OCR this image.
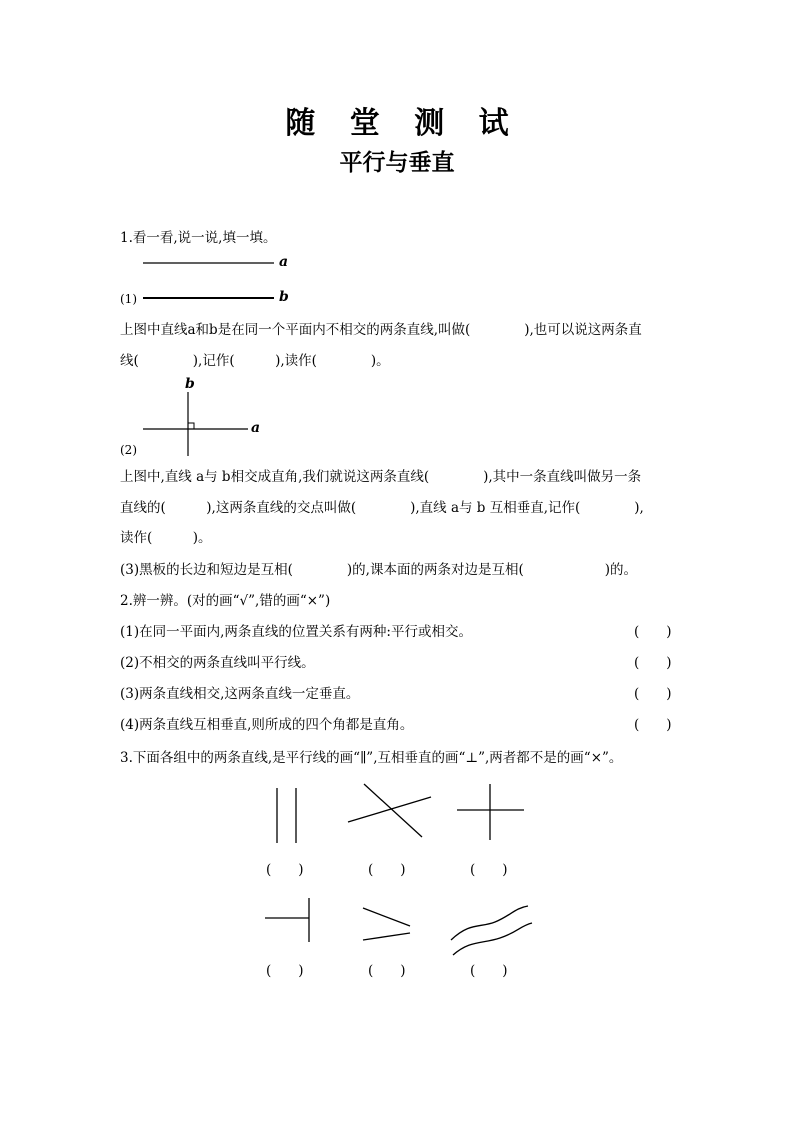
随 堂 测 试
平行与垂直
1.看一看,说一说,填一填。
a
b
(1)
上图中直线a和b是在同一个平面内不相交的两条直线,叫做(　　　　),也可以说这两条直
线(　　　　),记作(　　　),读作(　　　　)。
b
a
(2)
上图中,直线 a与 b相交成直角,我们就说这两条直线(　　　　),其中一条直线叫做另一条
直线的(　　　),这两条直线的交点叫做(　　　　),直线 a与 b 互相垂直,记作(　　　　),
读作(　　　)。
(3)黑板的长边和短边是互相(　　　　)的,课本面的两条对边是互相(　　　　　　)的。
2.辨一辨。(对的画“√”,错的画“×”)
(1)在同一平面内,两条直线的位置关系有两种:平行或相交。	(　　)
(2)不相交的两条直线叫平行线。	(　　)
(3)两条直线相交,这两条直线一定垂直。	(　　)
(4)两条直线互相垂直,则所成的四个角都是直角。	(　　)
3.下面各组中的两条直线,是平行线的画“∥”,互相垂直的画“⊥”,两者都不是的画“×”。
(　　)	(　　)	(　　)
(　　)	(　　)	(　　)
